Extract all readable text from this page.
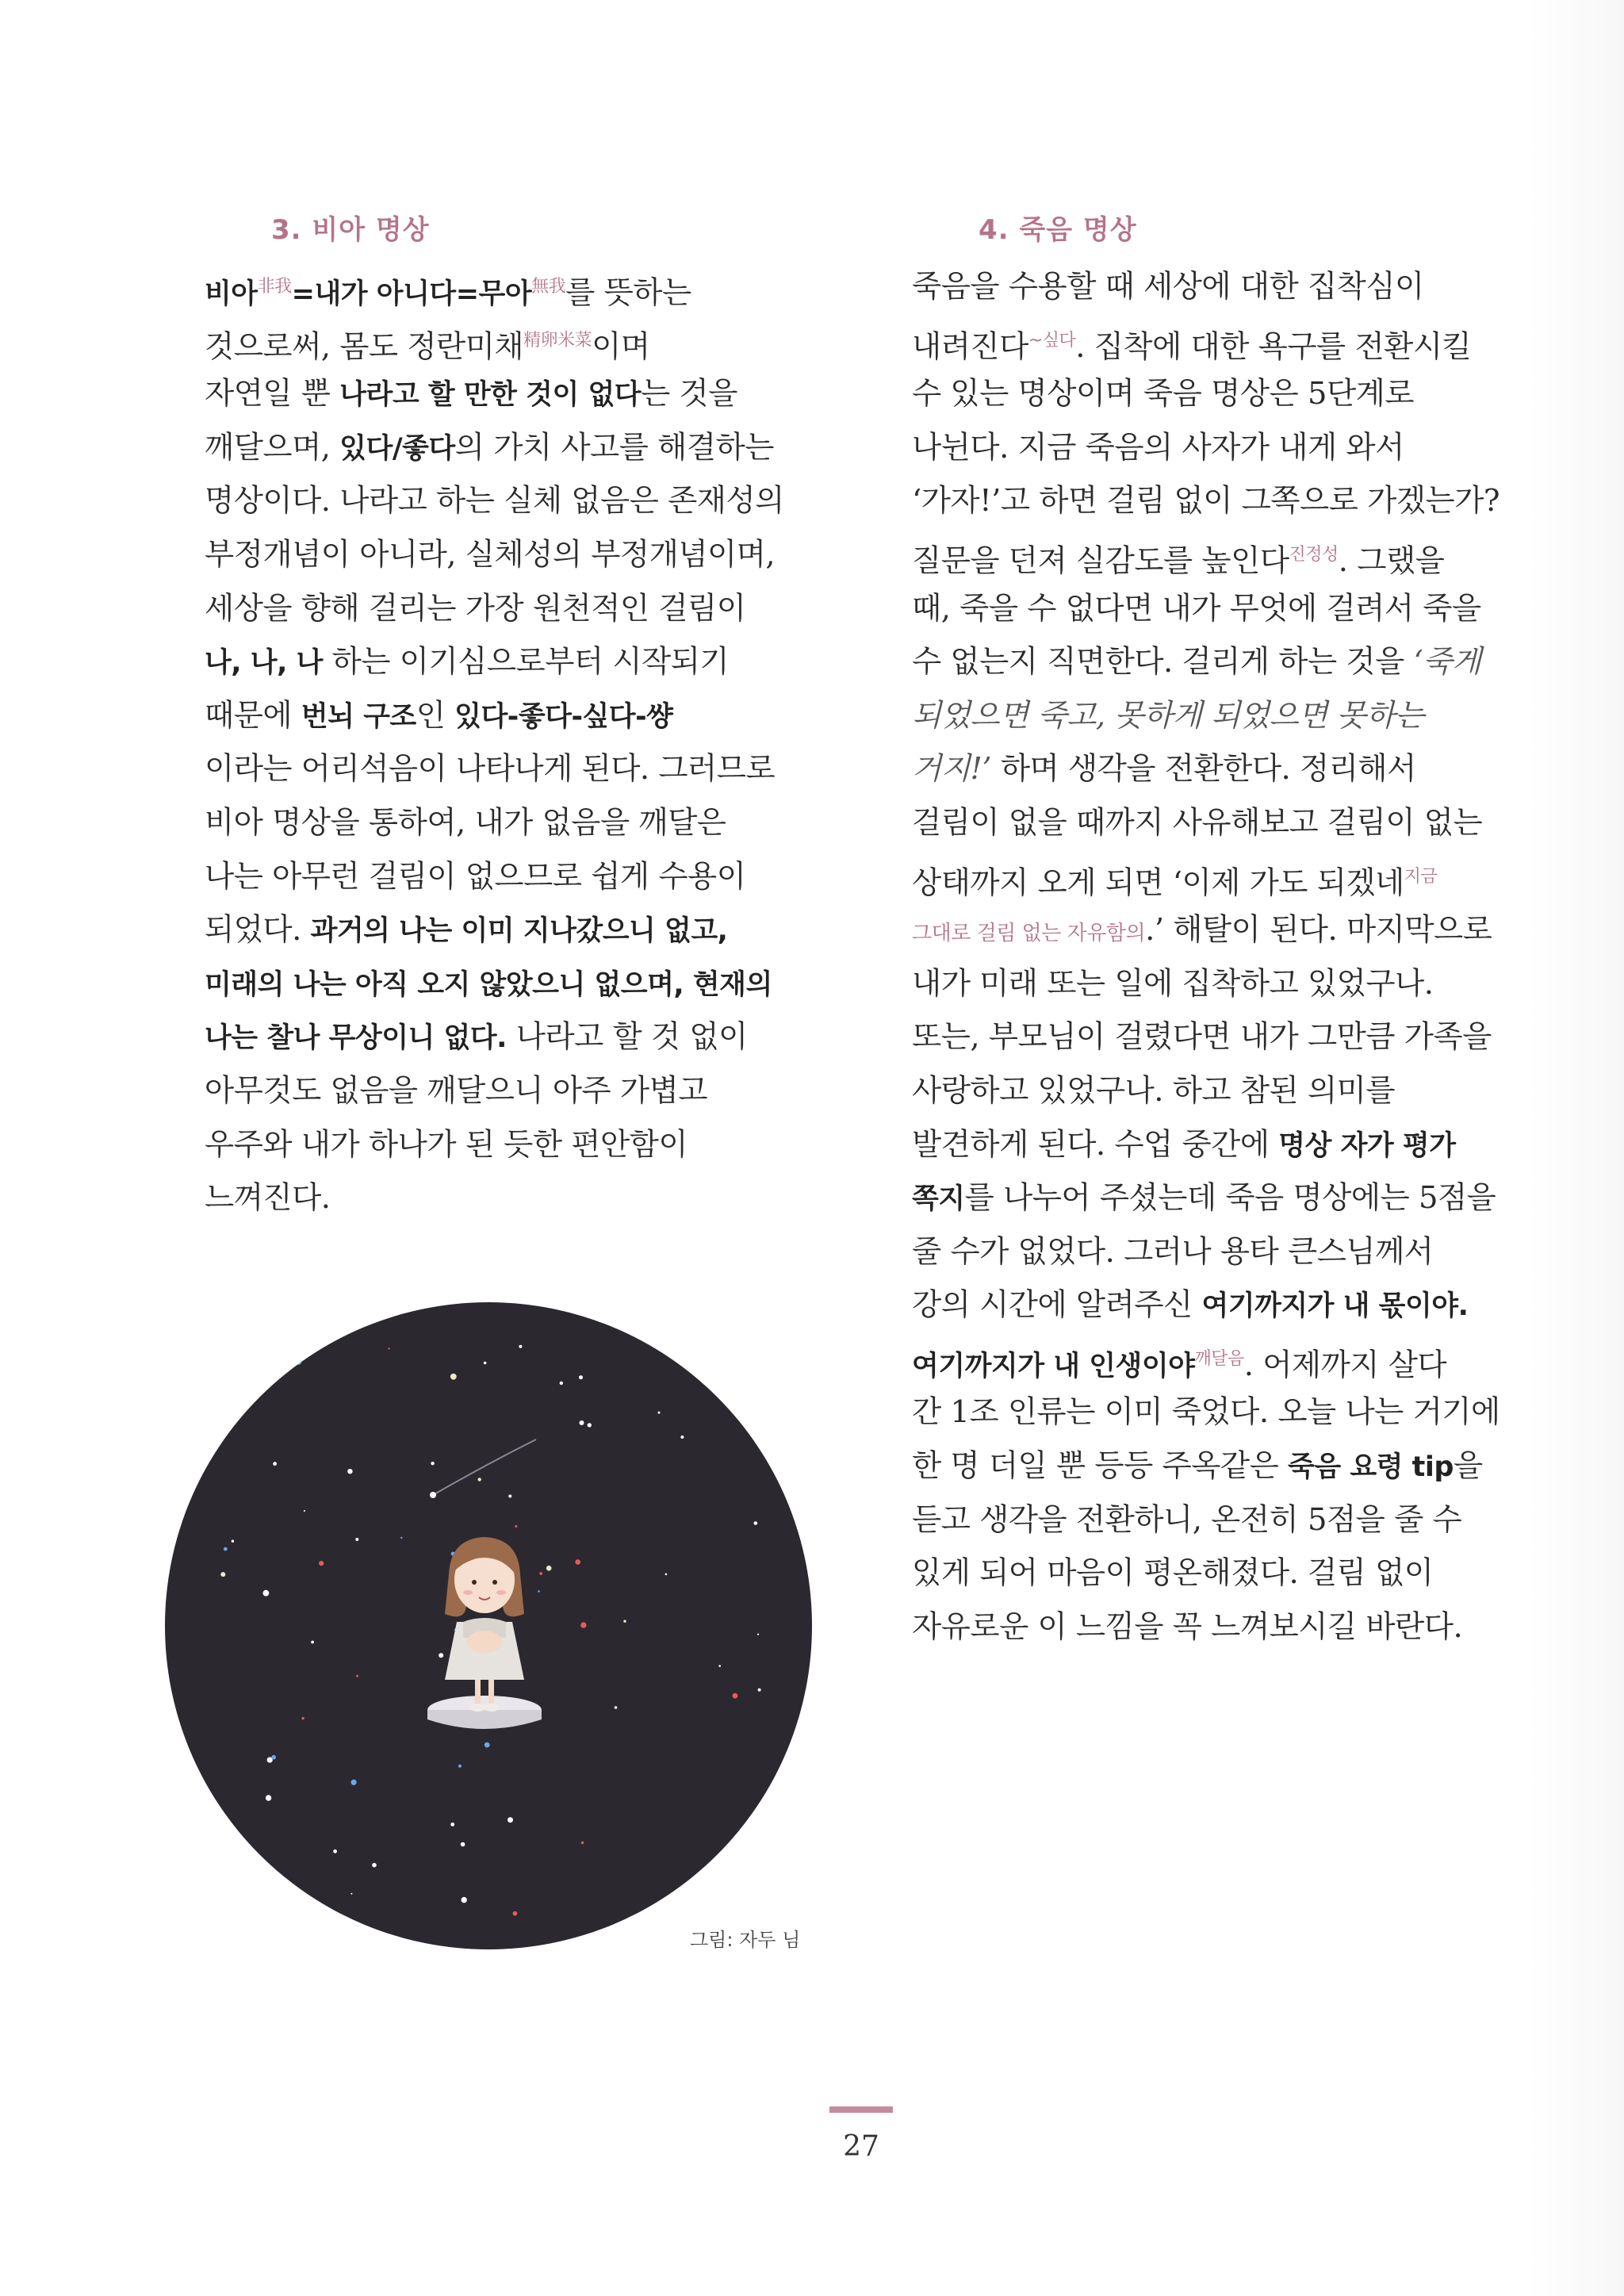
3. 비아 명상
비아$^{非我}$=내가 아니다=무아$^{無我}$를 뜻하는
것으로써, 몸도 정란미채$^{精卵米菜}$이며
자연일 뿐 나라고 할 만한 것이 없다는 것을
깨달으며, 있다/좋다의 가치 사고를 해결하는
명상이다. 나라고 하는 실체 없음은 존재성의
부정개념이 아니라, 실체성의 부정개념이며,
세상을 향해 걸리는 가장 원천적인 걸림이
나, 나, 나 하는 이기심으로부터 시작되기
때문에 번뇌 구조인 있다-좋다-싶다-썅
이라는 어리석음이 나타나게 된다. 그러므로
비아 명상을 통하여, 내가 없음을 깨달은
나는 아무런 걸림이 없으므로 쉽게 수용이
되었다. 과거의 나는 이미 지나갔으니 없고,
미래의 나는 아직 오지 않았으니 없으며, 현재의
나는 찰나 무상이니 없다. 나라고 할 것 없이
아무것도 없음을 깨달으니 아주 가볍고
우주와 내가 하나가 된 듯한 편안함이
느껴진다.
4. 죽음 명상
죽음을 수용할 때 세상에 대한 집착심이
내려진다$^{\sim 싶다}$. 집착에 대한 욕구를 전환시킬
수 있는 명상이며 죽음 명상은 5단계로
나뉜다. 지금 죽음의 사자가 내게 와서
‘가자!’고 하면 걸림 없이 그쪽으로 가겠는가?
질문을 던져 실감도를 높인다$^{진정성}$. 그랬을
때, 죽을 수 없다면 내가 무엇에 걸려서 죽을
수 없는지 직면한다. 걸리게 하는 것을 ‘죽게
되었으면 죽고, 못하게 되었으면 못하는
거지!’ 하며 생각을 전환한다. 정리해서
걸림이 없을 때까지 사유해보고 걸림이 없는
상태까지 오게 되면 ‘이제 가도 되겠네$^{지금}$
그대로 걸림 없는 자유함의.’ 해탈이 된다. 마지막으로
내가 미래 또는 일에 집착하고 있었구나.
또는, 부모님이 걸렸다면 내가 그만큼 가족을
사랑하고 있었구나. 하고 참된 의미를
발견하게 된다. 수업 중간에 명상 자가 평가
쪽지를 나누어 주셨는데 죽음 명상에는 5점을
줄 수가 없었다. 그러나 용타 큰스님께서
강의 시간에 알려주신 여기까지가 내 몫이야.
여기까지가 내 인생이야$^{깨달음}$. 어제까지 살다
간 1조 인류는 이미 죽었다. 오늘 나는 거기에
한 명 더일 뿐 등등 주옥같은 죽음 요령 tip을
듣고 생각을 전환하니, 온전히 5점을 줄 수
있게 되어 마음이 평온해졌다. 걸림 없이
자유로운 이 느낌을 꼭 느껴보시길 바란다.
그림: 자두 님
27
